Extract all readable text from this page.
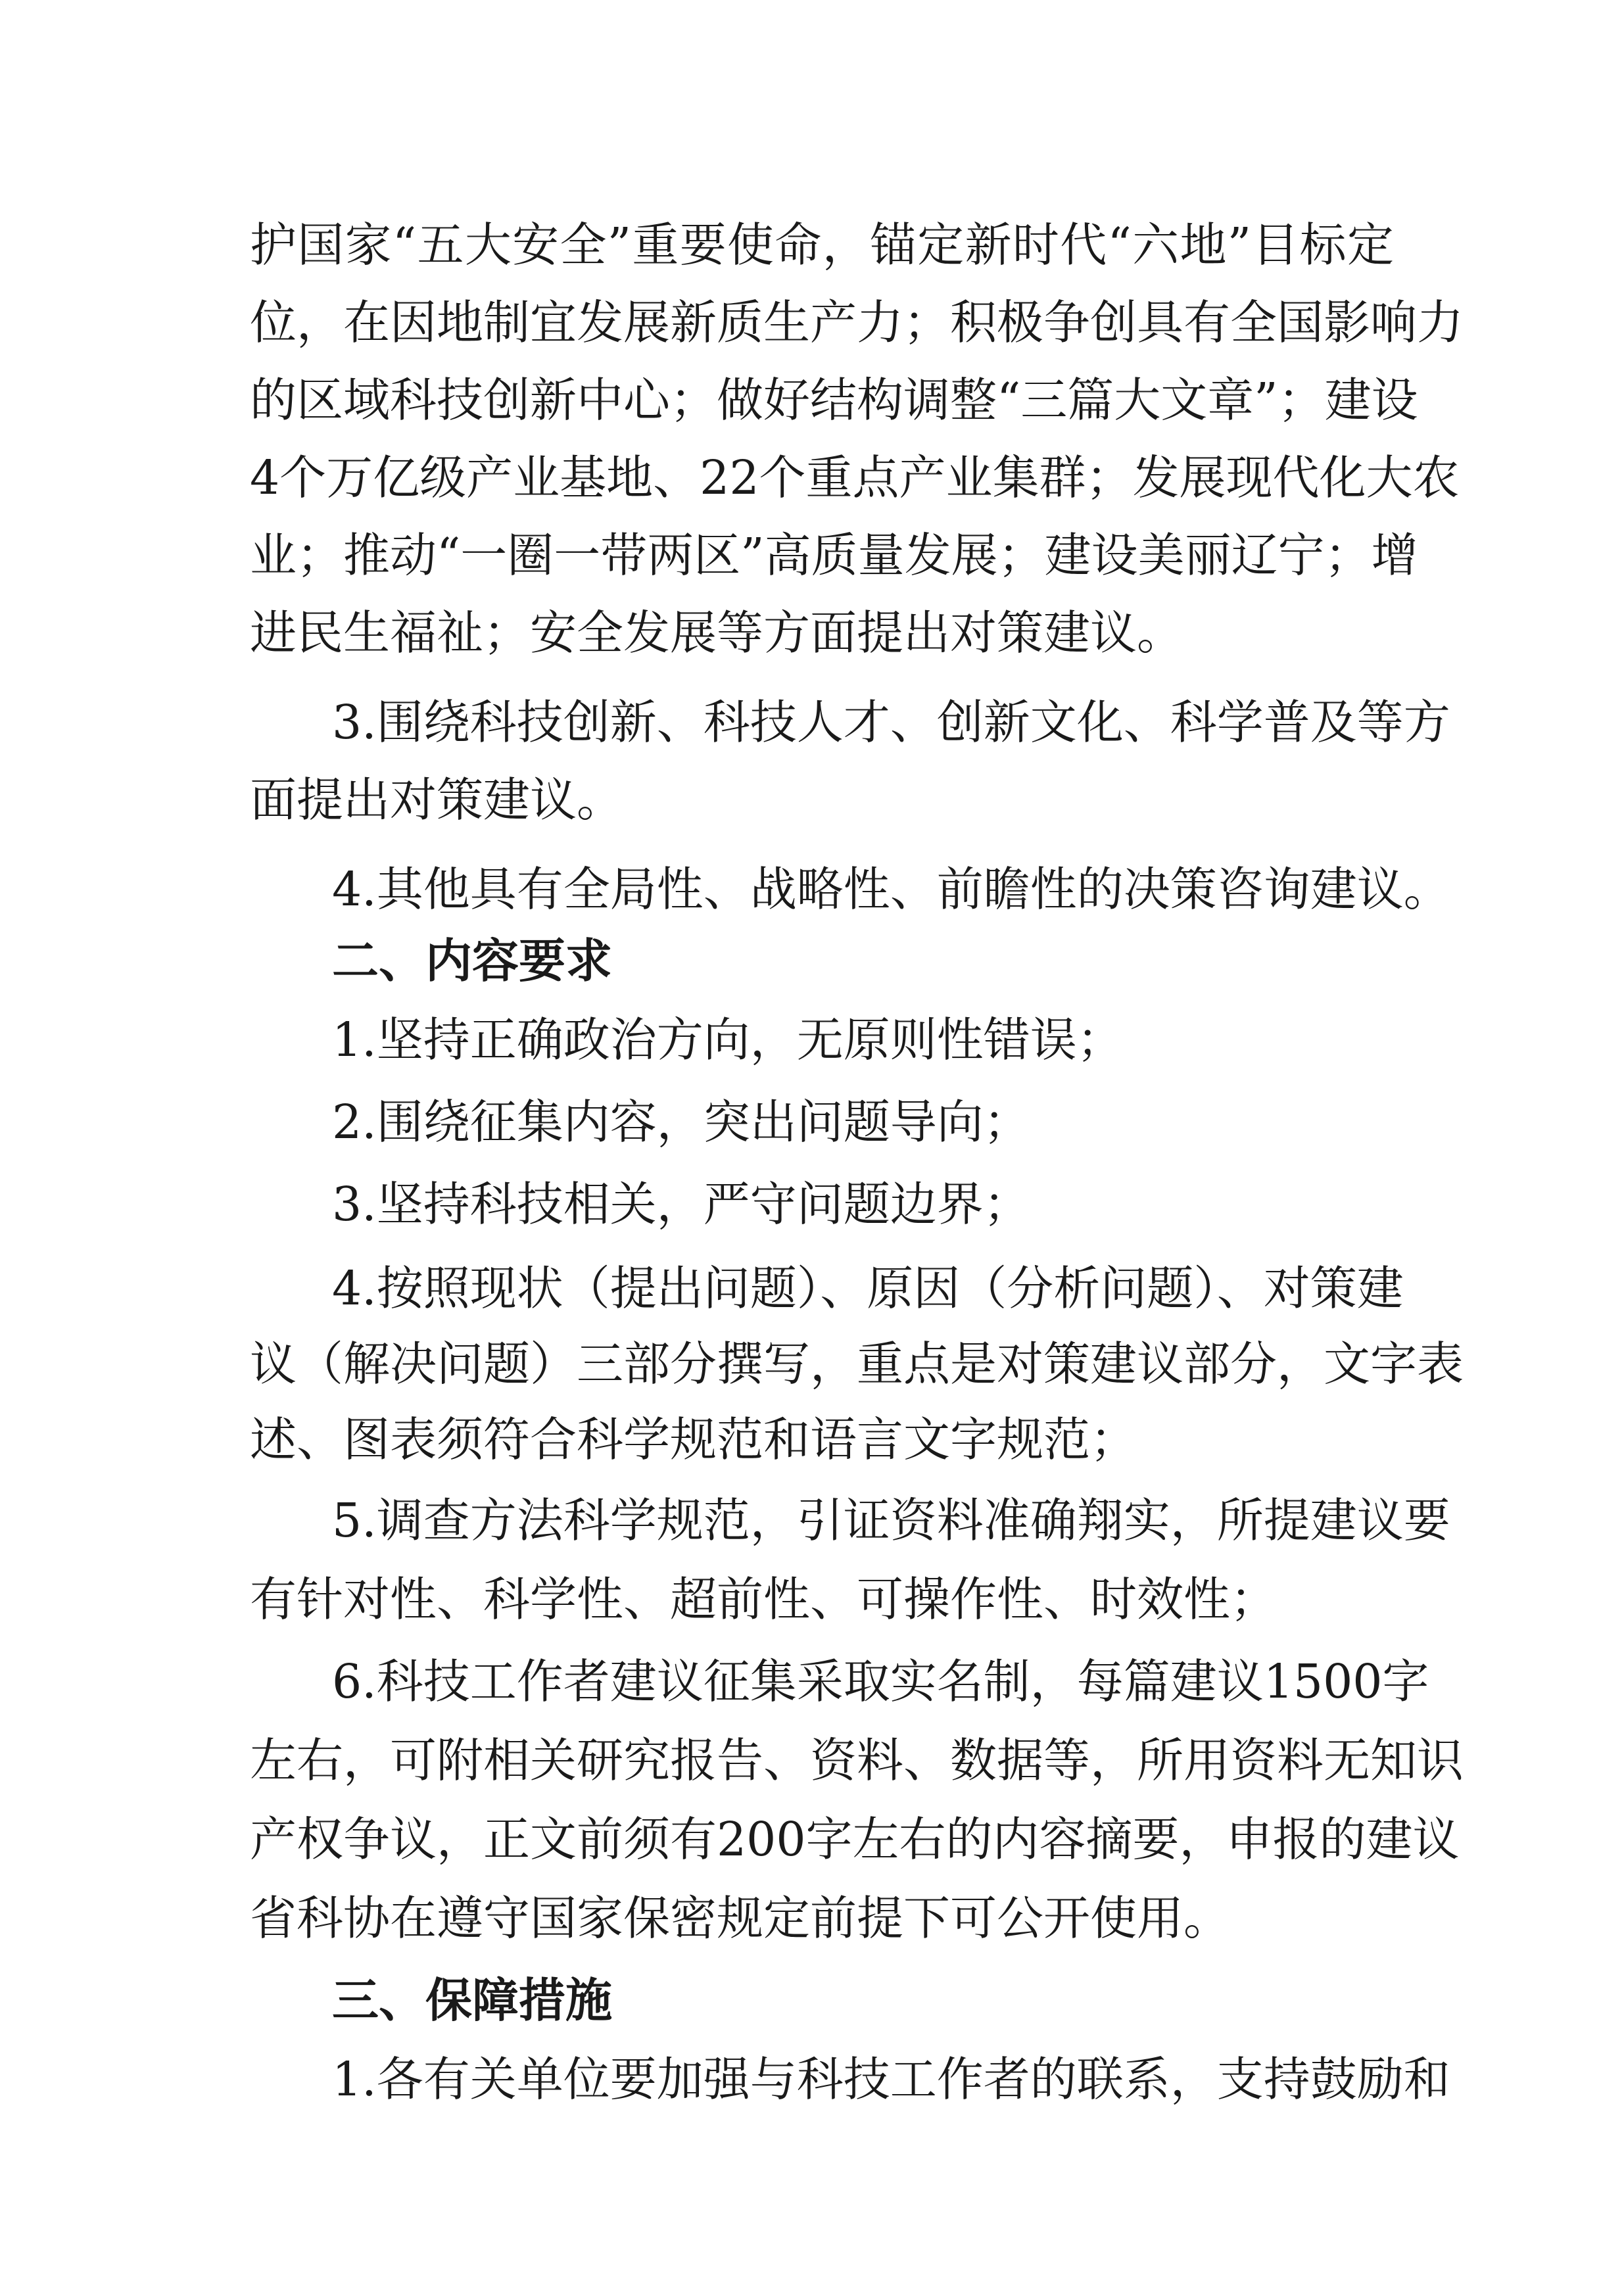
护国家“五大安全”重要使命，锚定新时代“六地”目标定
位，在因地制宜发展新质生产力；积极争创具有全国影响力
的区域科技创新中心；做好结构调整“三篇大文章”；建设
4个万亿级产业基地、22个重点产业集群；发展现代化大农
业；推动“一圈一带两区”高质量发展；建设美丽辽宁；增
进民生福祉；安全发展等方面提出对策建议。
3.围绕科技创新、科技人才、创新文化、科学普及等方
面提出对策建议。
4.其他具有全局性、战略性、前瞻性的决策咨询建议。
二、内容要求
1.坚持正确政治方向，无原则性错误；
2.围绕征集内容，突出问题导向；
3.坚持科技相关，严守问题边界；
4.按照现状（提出问题）、原因（分析问题）、对策建
议（解决问题）三部分撰写，重点是对策建议部分，文字表
述、图表须符合科学规范和语言文字规范；
5.调查方法科学规范，引证资料准确翔实，所提建议要
有针对性、科学性、超前性、可操作性、时效性；
6.科技工作者建议征集采取实名制，每篇建议1500字
左右，可附相关研究报告、资料、数据等，所用资料无知识
产权争议，正文前须有200字左右的内容摘要，申报的建议
省科协在遵守国家保密规定前提下可公开使用。
三、保障措施
1.各有关单位要加强与科技工作者的联系，支持鼓励和
